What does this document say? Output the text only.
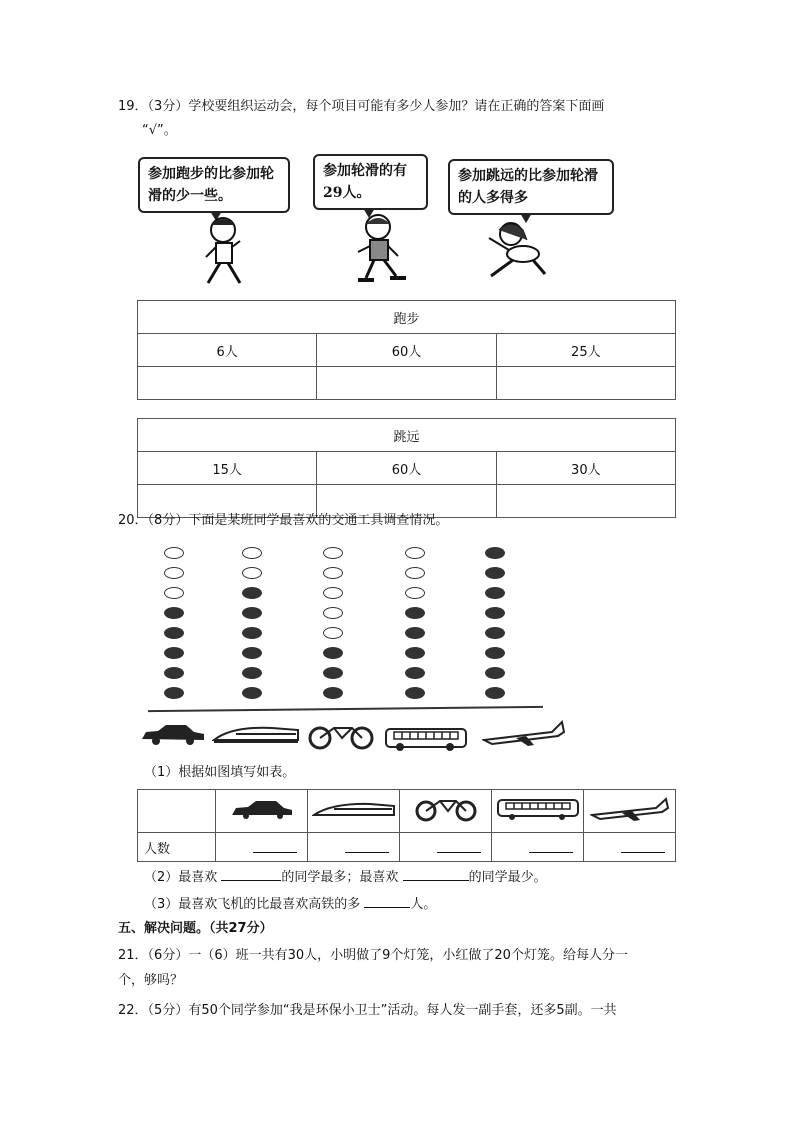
19．（3分）学校要组织运动会，每个项目可能有多少人参加？请在正确的答案下面画
“√”。
参加跑步的比参加轮滑的少一些。
参加轮滑的有29人。
参加跳远的比参加轮滑的人多得多
跑步		
6人	60人	25人

跳远		
15人	60人	30人

20．（8分）下面是某班同学最喜欢的交通工具调查情况。
（1）根据如图填写如表。

人数					
（2）最喜欢	的同学最多；最喜欢	的同学最少。
（3）最喜欢飞机的比最喜欢高铁的多	人。
五、解决问题。（共27分）
21．（6分）一（6）班一共有30人，小明做了9个灯笼，小红做了20个灯笼。给每人分一
个，够吗？
22．（5分）有50个同学参加“我是环保小卫士”活动。每人发一副手套，还多5副。一共
